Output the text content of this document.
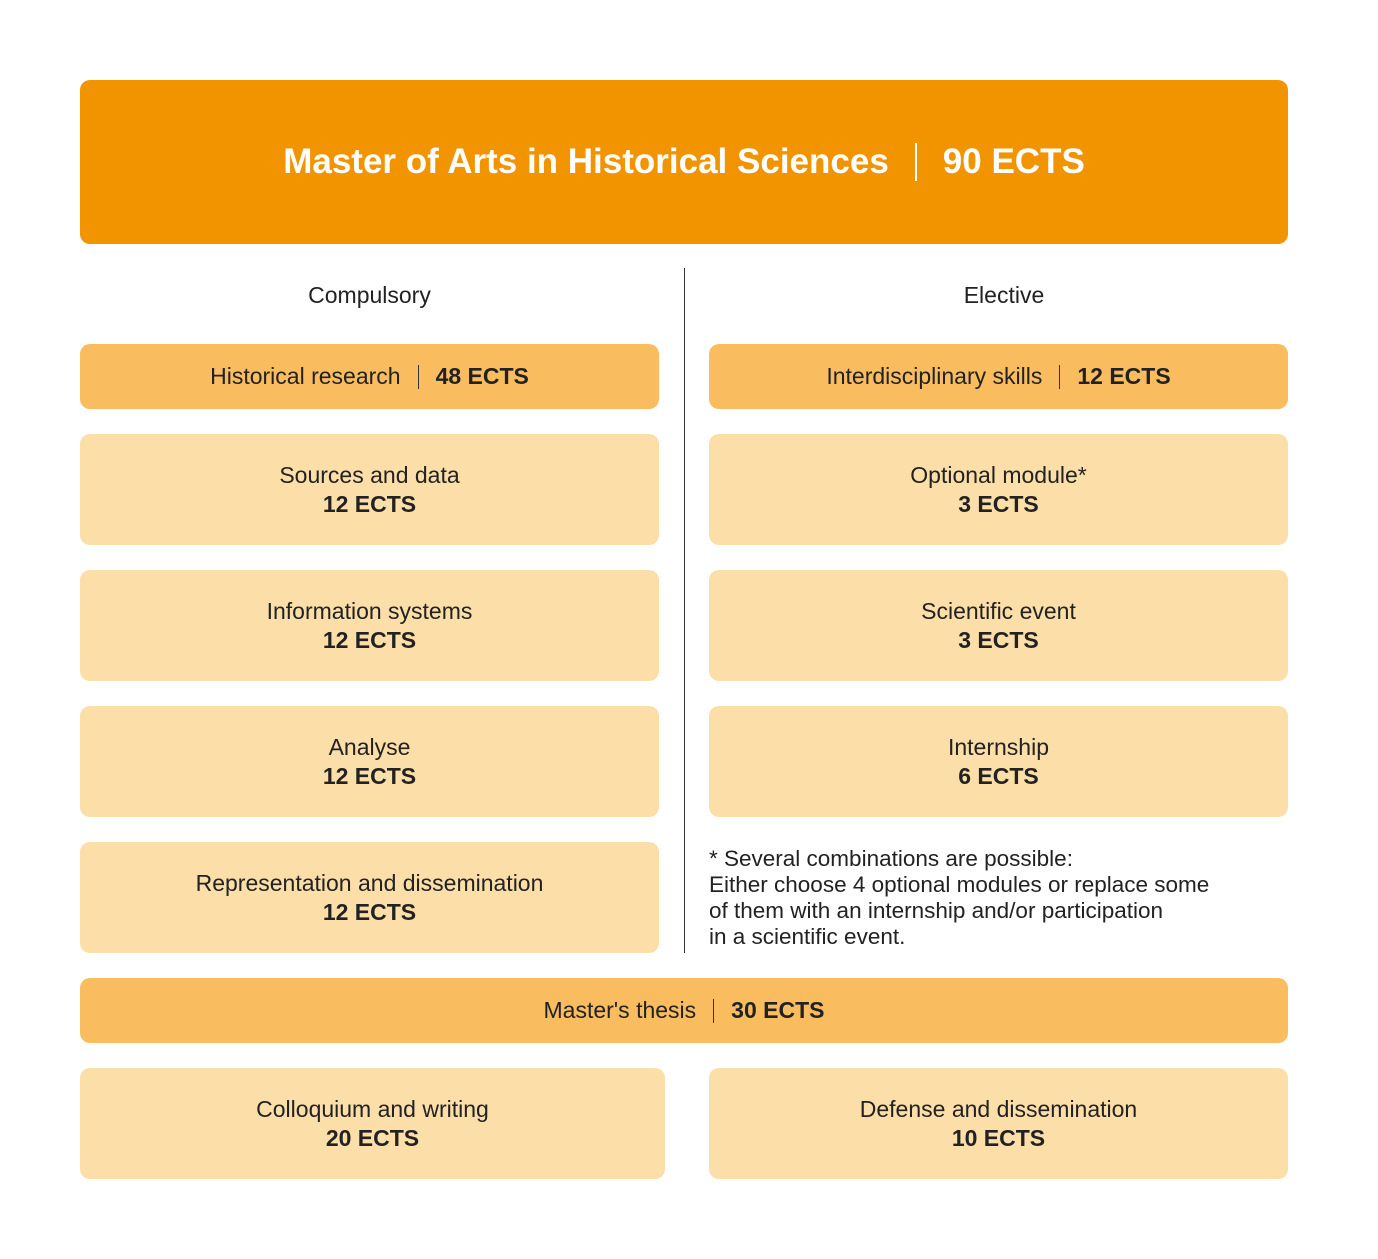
Master of Arts in Historical Sciences 90 ECTS
Compulsory	Elective
Historical research 48 ECTS
Sources and data
12 ECTS
Information systems
12 ECTS
Analyse
12 ECTS
Representation and dissemination
12 ECTS
Interdisciplinary skills 12 ECTS
Optional module*
3 ECTS
Scientific event
3 ECTS
Internship
6 ECTS
* Several combinations are possible:
Either choose 4 optional modules or replace some
of them with an internship and/or participation
in a scientific event.
Master's thesis 30 ECTS
Colloquium and writing
20 ECTS
Defense and dissemination
10 ECTS
